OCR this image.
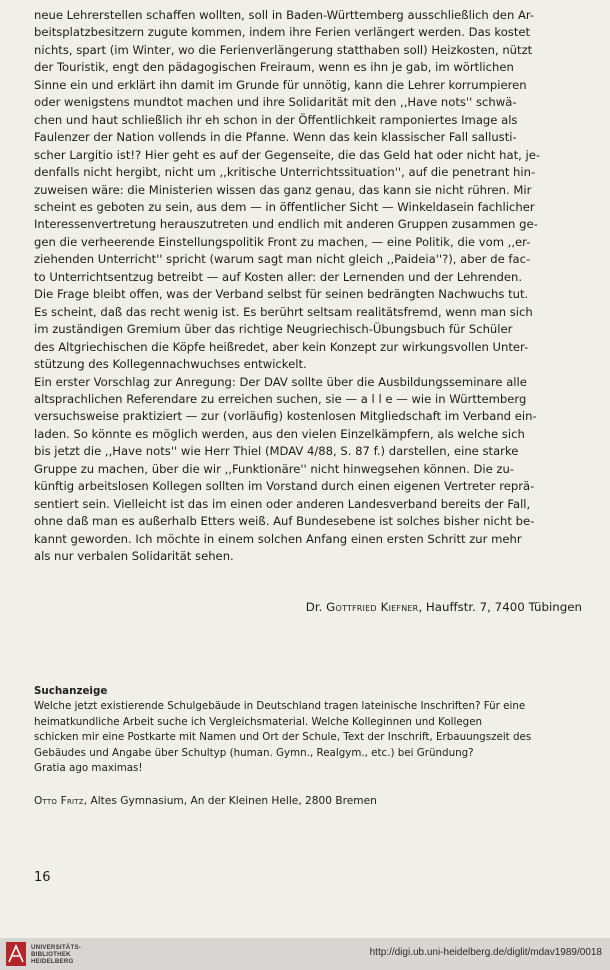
neue Lehrerstellen schaffen wollten, soll in Baden-Württemberg ausschließlich den Ar-

beitsplatzbesitzern zugute kommen, indem ihre Ferien verlängert werden. Das kostet

nichts, spart (im Winter, wo die Ferienverlängerung statthaben soll) Heizkosten, nützt

der Touristik, engt den pädagogischen Freiraum, wenn es ihn je gab, im wörtlichen

Sinne ein und erklärt ihn damit im Grunde für unnötig, kann die Lehrer korrumpieren

oder wenigstens mundtot machen und ihre Solidarität mit den ,,Have nots'' schwä-

chen und haut schließlich ihr eh schon in der Öffentlichkeit ramponiertes Image als

Faulenzer der Nation vollends in die Pfanne. Wenn das kein klassischer Fall sallusti-

scher Largitio ist!? Hier geht es auf der Gegenseite, die das Geld hat oder nicht hat, je-

denfalls nicht hergibt, nicht um ,,kritische Unterrichtssituation'', auf die penetrant hin-

zuweisen wäre: die Ministerien wissen das ganz genau, das kann sie nicht rühren. Mir

scheint es geboten zu sein, aus dem — in öffentlicher Sicht — Winkeldasein fachlicher

Interessenvertretung herauszutreten und endlich mit anderen Gruppen zusammen ge-

gen die verheerende Einstellungspolitik Front zu machen, — eine Politik, die vom ,,er-

ziehenden Unterricht'' spricht (warum sagt man nicht gleich ,,Paideia''?), aber de fac-

to Unterrichtsentzug betreibt — auf Kosten aller: der Lernenden und der Lehrenden.

Die Frage bleibt offen, was der Verband selbst für seinen bedrängten Nachwuchs tut.

Es scheint, daß das recht wenig ist. Es berührt seltsam realitätsfremd, wenn man sich

im zuständigen Gremium über das richtige Neugriechisch-Übungsbuch für Schüler

des Altgriechischen die Köpfe heißredet, aber kein Konzept zur wirkungsvollen Unter-

stützung des Kollegennachwuchses entwickelt.

Ein erster Vorschlag zur Anregung: Der DAV sollte über die Ausbildungsseminare alle

altsprachlichen Referendare zu erreichen suchen, sie — a l l e — wie in Württemberg

versuchsweise praktiziert — zur (vorläufig) kostenlosen Mitgliedschaft im Verband ein-

laden. So könnte es möglich werden, aus den vielen Einzelkämpfern, als welche sich

bis jetzt die ,,Have nots'' wie Herr Thiel (MDAV 4/88, S. 87 f.) darstellen, eine starke

Gruppe zu machen, über die wir ,,Funktionäre'' nicht hinwegsehen können. Die zu-

künftig arbeitslosen Kollegen sollten im Vorstand durch einen eigenen Vertreter reprä-

sentiert sein. Vielleicht ist das im einen oder anderen Landesverband bereits der Fall,

ohne daß man es außerhalb Etters weiß. Auf Bundesebene ist solches bisher nicht be-

kannt geworden. Ich möchte in einem solchen Anfang einen ersten Schritt zur mehr

als nur verbalen Solidarität sehen.

Dr. Gottfried Kiefner, Hauffstr. 7, 7400 Tübingen

Suchanzeige

Welche jetzt existierende Schulgebäude in Deutschland tragen lateinische Inschriften? Für eine

heimatkundliche Arbeit suche ich Vergleichsmaterial. Welche Kolleginnen und Kollegen

schicken mir eine Postkarte mit Namen und Ort der Schule, Text der Inschrift, Erbauungszeit des

Gebäudes und Angabe über Schultyp (human. Gymn., Realgym., etc.) bei Gründung?

Gratia ago maximas!

Otto Fritz, Altes Gymnasium, An der Kleinen Helle, 2800 Bremen
16
UNIVERSITÄTS-
BIBLIOTHEK
HEIDELBERG
http://digi.ub.uni-heidelberg.de/diglit/mdav1989/0018
